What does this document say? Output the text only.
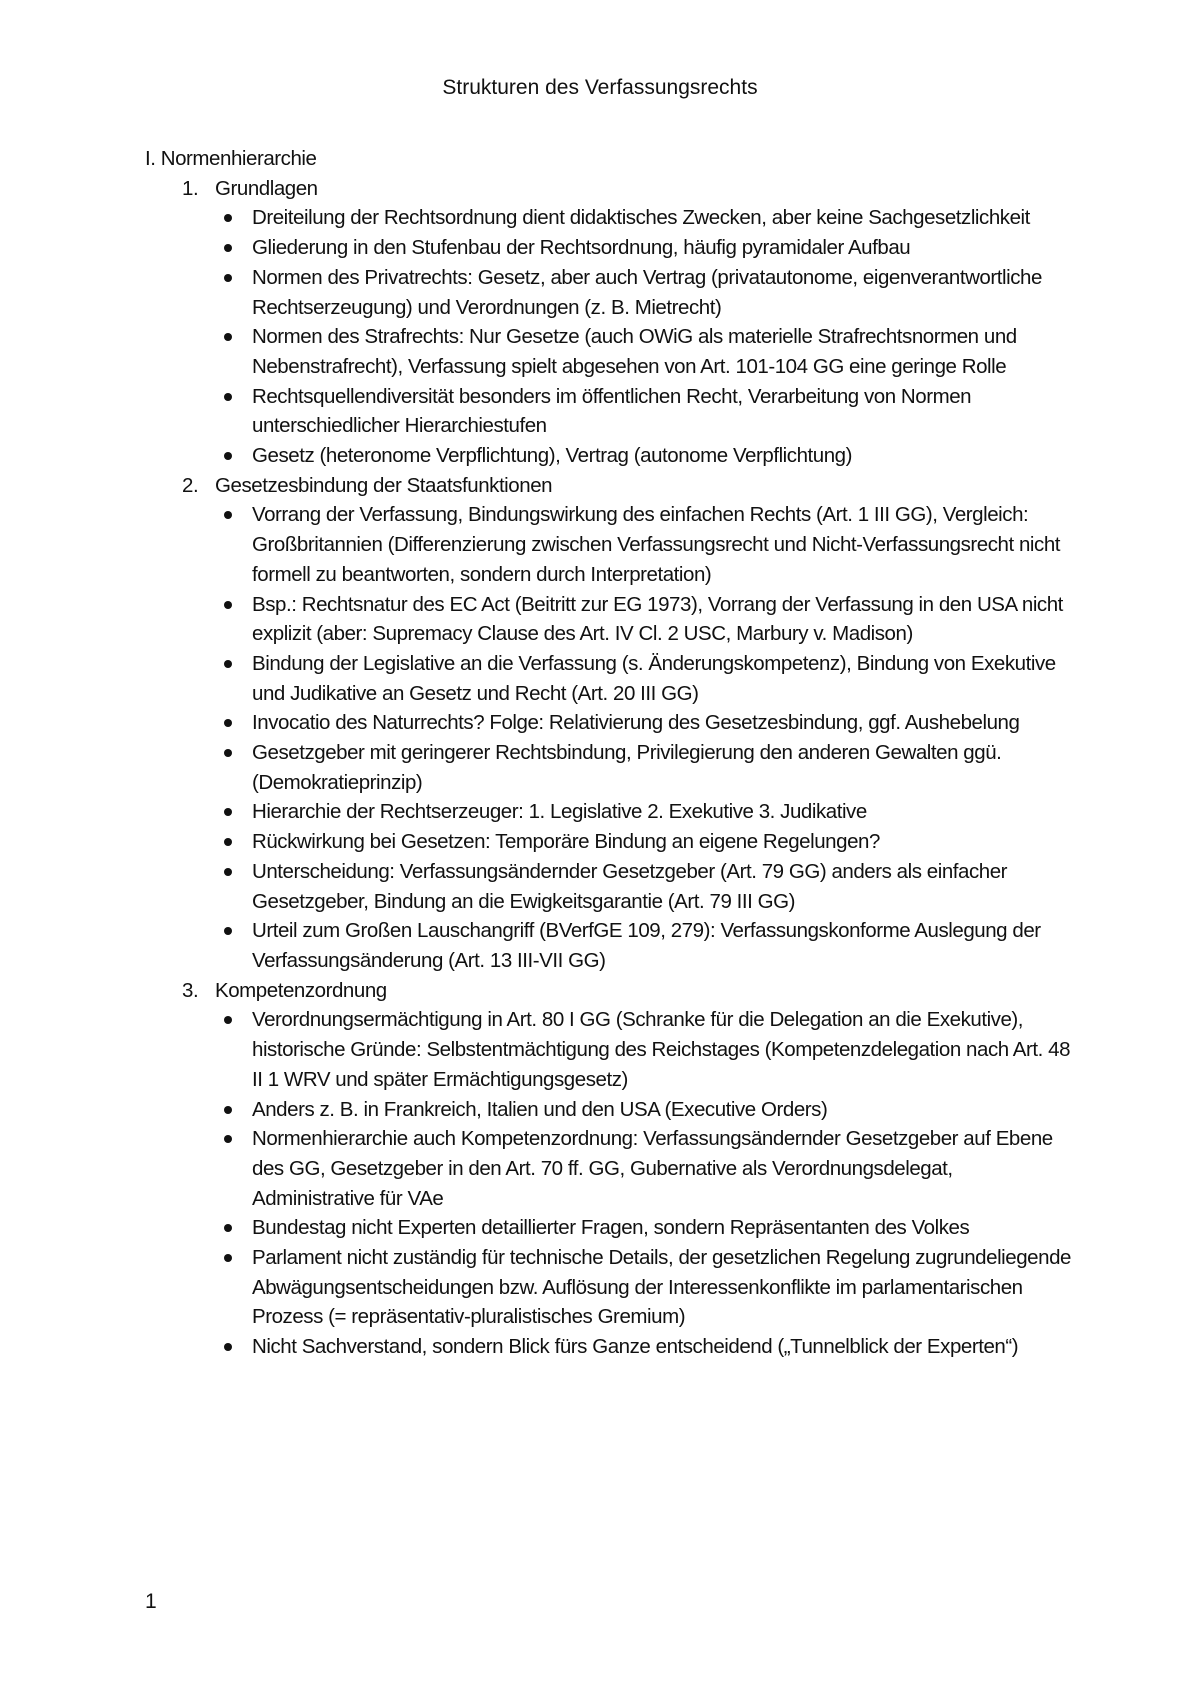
Strukturen des Verfassungsrechts
I. Normenhierarchie
1. Grundlagen
Dreiteilung der Rechtsordnung dient didaktisches Zwecken, aber keine Sachgesetzlichkeit
Gliederung in den Stufenbau der Rechtsordnung, häufig pyramidaler Aufbau
Normen des Privatrechts: Gesetz, aber auch Vertrag (privatautonome, eigenverantwortliche Rechtserzeugung) und Verordnungen (z. B. Mietrecht)
Normen des Strafrechts: Nur Gesetze (auch OWiG als materielle Strafrechtsnormen und Nebenstrafrecht), Verfassung spielt abgesehen von Art. 101-104 GG eine geringe Rolle
Rechtsquellendiversität besonders im öffentlichen Recht, Verarbeitung von Normen unterschiedlicher Hierarchiestufen
Gesetz (heteronome Verpflichtung), Vertrag (autonome Verpflichtung)
2. Gesetzesbindung der Staatsfunktionen
Vorrang der Verfassung, Bindungswirkung des einfachen Rechts (Art. 1 III GG), Vergleich: Großbritannien (Differenzierung zwischen Verfassungsrecht und Nicht-Verfassungsrecht nicht formell zu beantworten, sondern durch Interpretation)
Bsp.: Rechtsnatur des EC Act (Beitritt zur EG 1973), Vorrang der Verfassung in den USA nicht explizit (aber: Supremacy Clause des Art. IV Cl. 2 USC, Marbury v. Madison)
Bindung der Legislative an die Verfassung (s. Änderungskompetenz), Bindung von Exekutive und Judikative an Gesetz und Recht (Art. 20 III GG)
Invocatio des Naturrechts? Folge: Relativierung des Gesetzesbindung, ggf. Aushebelung
Gesetzgeber mit geringerer Rechtsbindung, Privilegierung den anderen Gewalten ggü. (Demokratieprinzip)
Hierarchie der Rechtserzeuger: 1. Legislative 2. Exekutive 3. Judikative
Rückwirkung bei Gesetzen: Temporäre Bindung an eigene Regelungen?
Unterscheidung: Verfassungsändernder Gesetzgeber (Art. 79 GG) anders als einfacher Gesetzgeber, Bindung an die Ewigkeitsgarantie (Art. 79 III GG)
Urteil zum Großen Lauschangriff (BVerfGE 109, 279): Verfassungskonforme Auslegung der Verfassungsänderung (Art. 13 III-VII GG)
3. Kompetenzordnung
Verordnungsermächtigung in Art. 80 I GG (Schranke für die Delegation an die Exekutive), historische Gründe: Selbstentmächtigung des Reichstages (Kompetenzdelegation nach Art. 48 II 1 WRV und später Ermächtigungsgesetz)
Anders z. B. in Frankreich, Italien und den USA (Executive Orders)
Normenhierarchie auch Kompetenzordnung: Verfassungsändernder Gesetzgeber auf Ebene des GG, Gesetzgeber in den Art. 70 ff. GG, Gubernative als Verordnungsdelegat, Administrative für VAe
Bundestag nicht Experten detaillierter Fragen, sondern Repräsentanten des Volkes
Parlament nicht zuständig für technische Details, der gesetzlichen Regelung zugrundeliegende Abwägungsentscheidungen bzw. Auflösung der Interessenkonflikte im parlamentarischen Prozess (= repräsentativ-pluralistisches Gremium)
Nicht Sachverstand, sondern Blick fürs Ganze entscheidend („Tunnelblick der Experten“)
1
